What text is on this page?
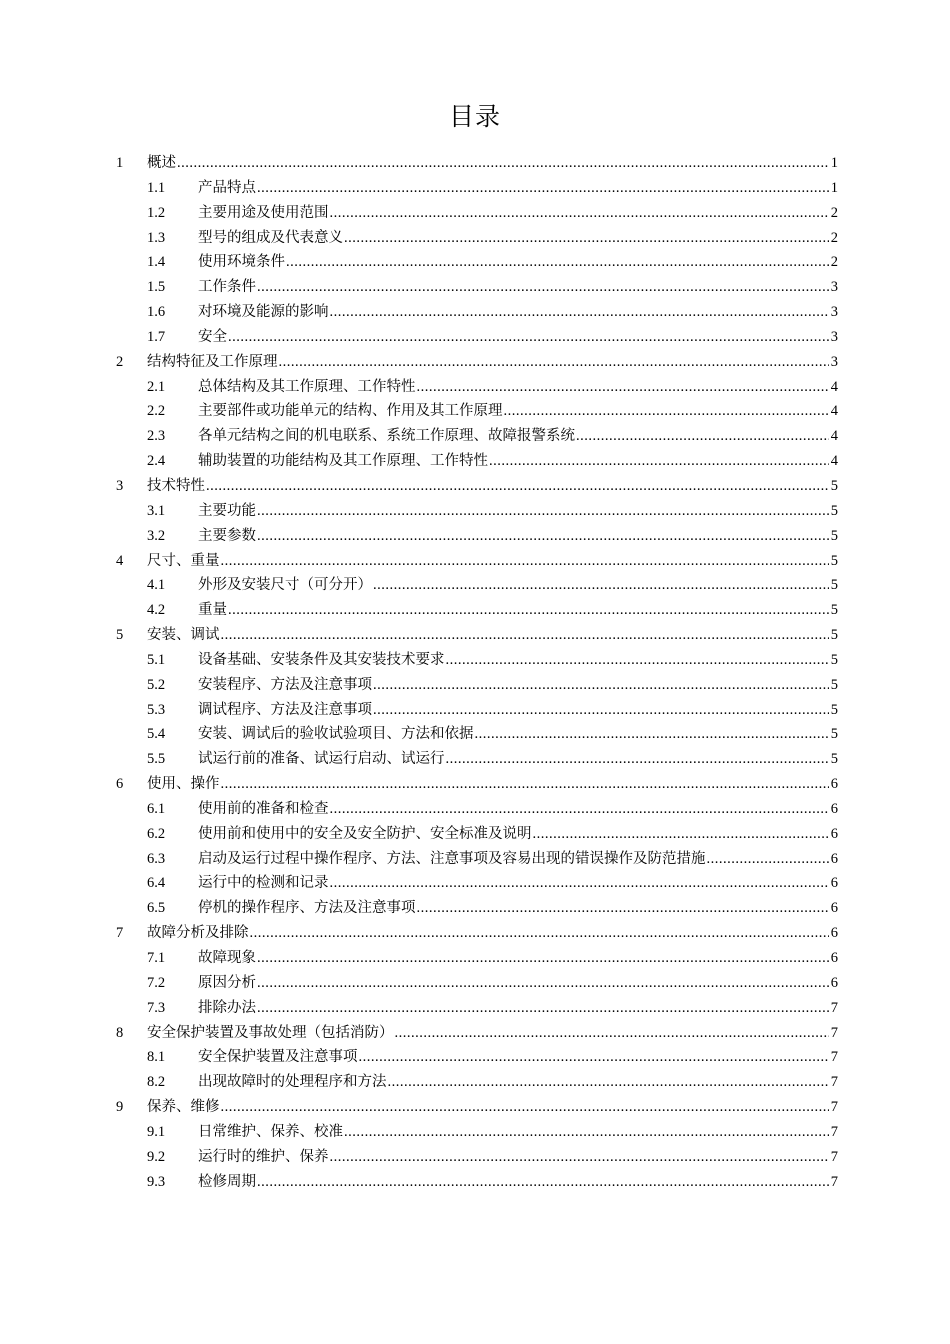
目录
1	概述 .....	1
1.1	产品特点 .....	1
1.2	主要用途及使用范围 .....	2
1.3	型号的组成及代表意义 .....	2
1.4	使用环境条件 .....	2
1.5	工作条件 .....	3
1.6	对环境及能源的影响 .....	3
1.7	安全 .....	3
2	结构特征及工作原理 .....	3
2.1	总体结构及其工作原理、工作特性 .....	4
2.2	主要部件或功能单元的结构、作用及其工作原理 .....	4
2.3	各单元结构之间的机电联系、系统工作原理、故障报警系统 .....	4
2.4	辅助装置的功能结构及其工作原理、工作特性 .....	4
3	技术特性 .....	5
3.1	主要功能 .....	5
3.2	主要参数 .....	5
4	尺寸、重量 .....	5
4.1	外形及安装尺寸（可分开） .....	5
4.2	重量 .....	5
5	安装、调试 .....	5
5.1	设备基础、安装条件及其安装技术要求 .....	5
5.2	安装程序、方法及注意事项 .....	5
5.3	调试程序、方法及注意事项 .....	5
5.4	安装、调试后的验收试验项目、方法和依据 .....	5
5.5	试运行前的准备、试运行启动、试运行 .....	5
6	使用、操作 .....	6
6.1	使用前的准备和检查 .....	6
6.2	使用前和使用中的安全及安全防护、安全标准及说明 .....	6
6.3	启动及运行过程中操作程序、方法、注意事项及容易出现的错误操作及防范措施 .....	6
6.4	运行中的检测和记录 .....	6
6.5	停机的操作程序、方法及注意事项 .....	6
7	故障分析及排除 .....	6
7.1	故障现象 .....	6
7.2	原因分析 .....	6
7.3	排除办法 .....	7
8	安全保护装置及事故处理（包括消防） .....	7
8.1	安全保护装置及注意事项 .....	7
8.2	出现故障时的处理程序和方法 .....	7
9	保养、维修 .....	7
9.1	日常维护、保养、校准 .....	7
9.2	运行时的维护、保养 .....	7
9.3	检修周期 .....	7
